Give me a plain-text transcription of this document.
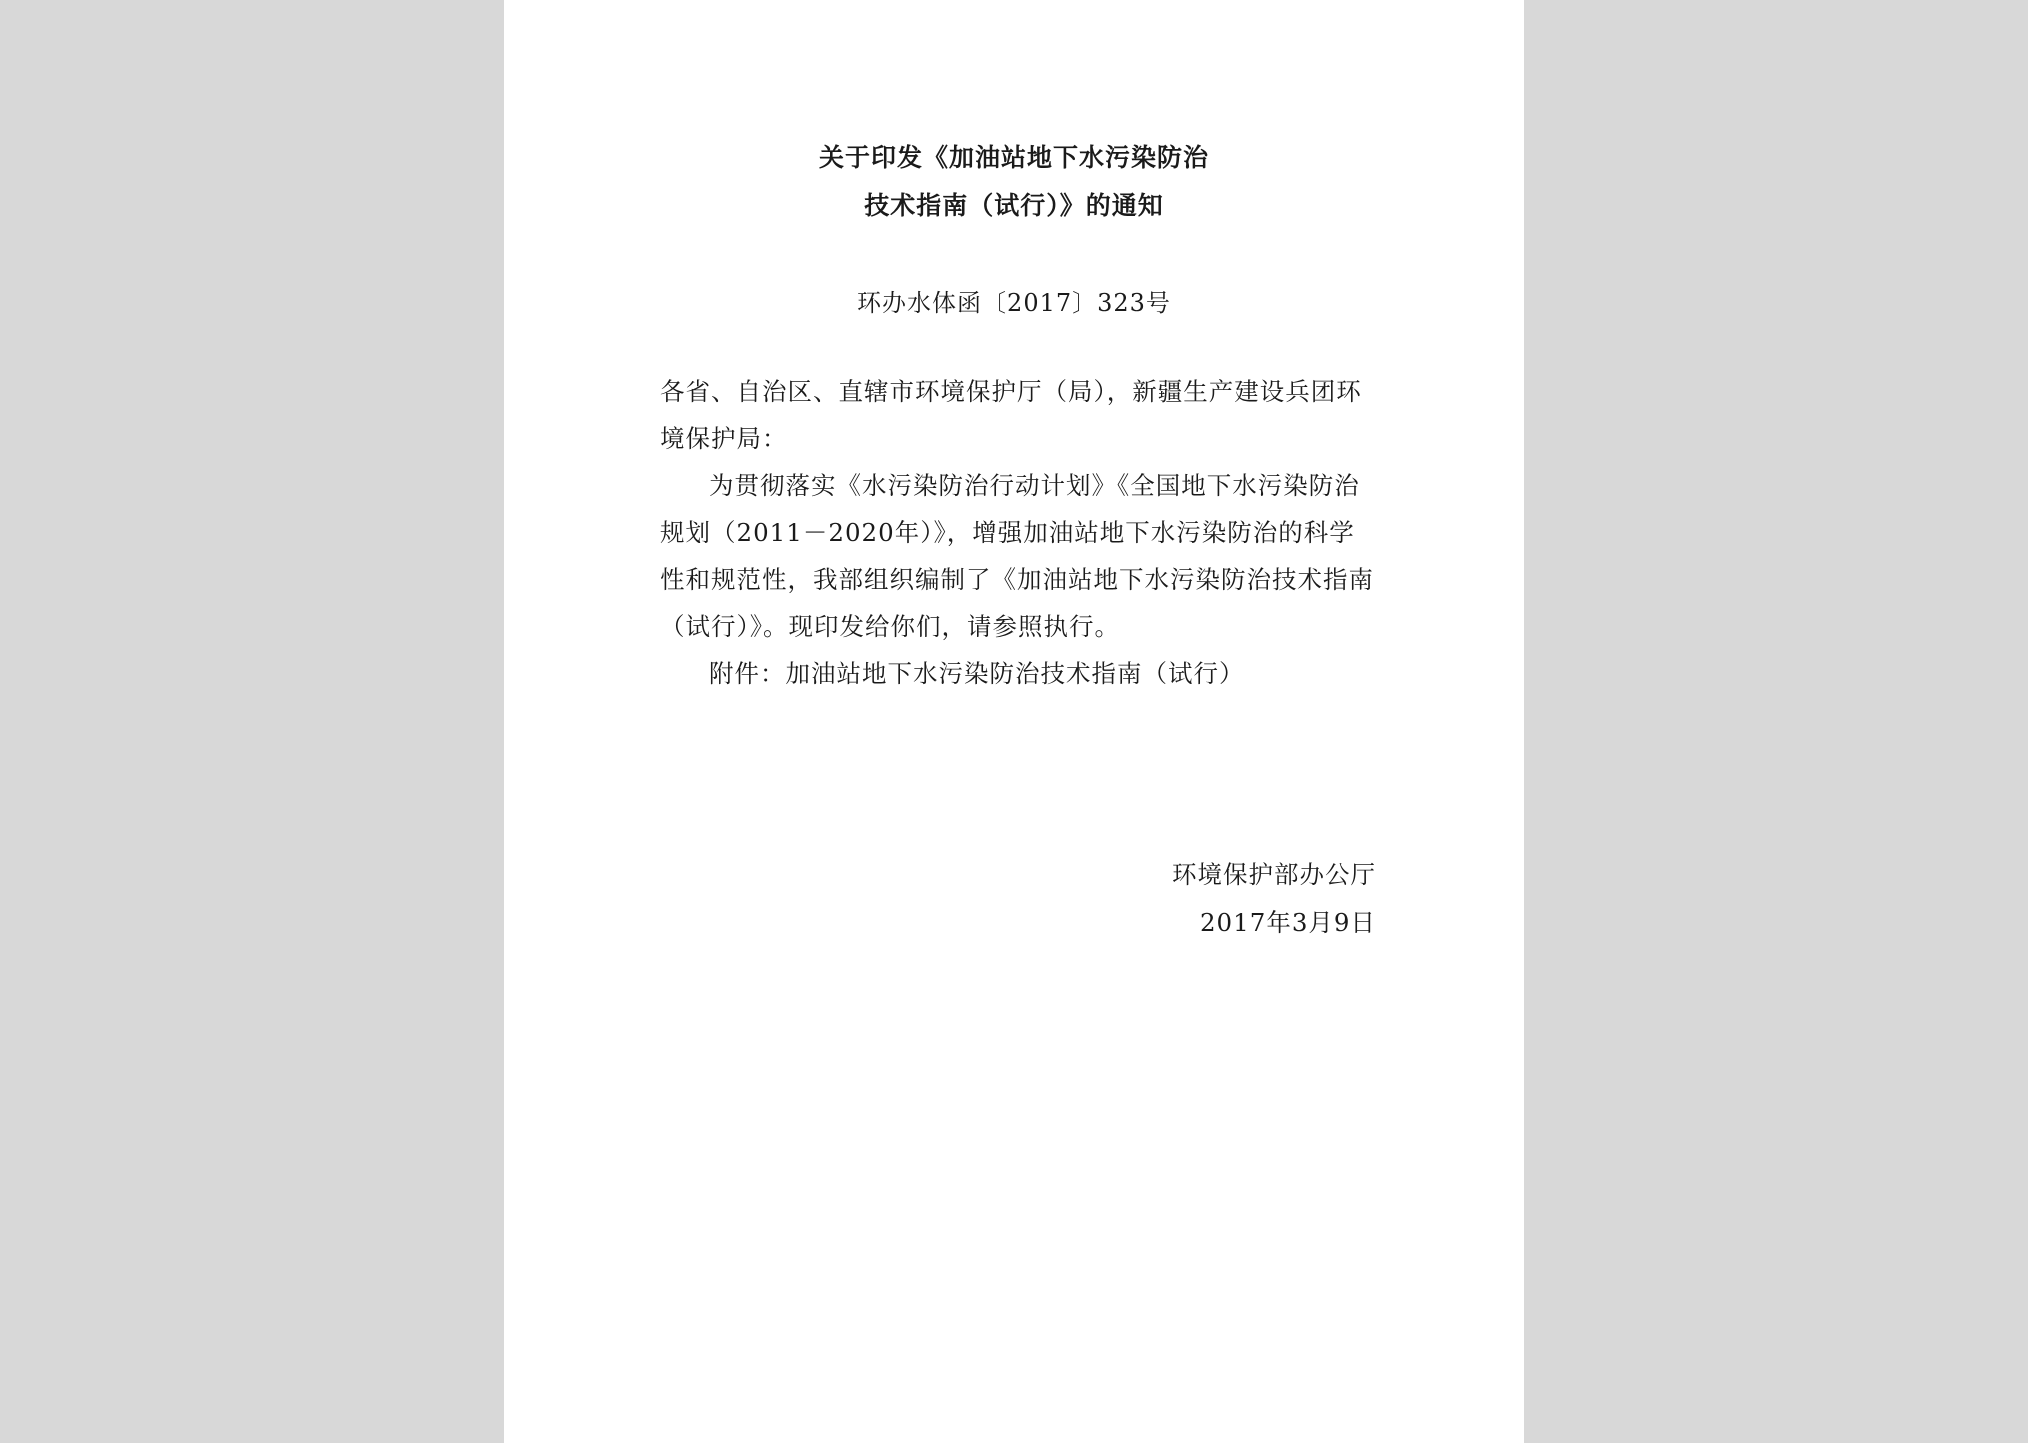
关于印发《加油站地下水污染防治
技术指南（试行）》的通知
环办水体函〔2017〕323号

各省、自治区、直辖市环境保护厅（局），新疆生产建设兵团环境保护局：

为贯彻落实《水污染防治行动计划》《全国地下水污染防治规划（2011－2020年）》，增强加油站地下水污染防治的科学性和规范性，我部组织编制了《加油站地下水污染防治技术指南（试行）》。现印发给你们，请参照执行。

附件：加油站地下水污染防治技术指南（试行）

环境保护部办公厅
2017年3月9日
